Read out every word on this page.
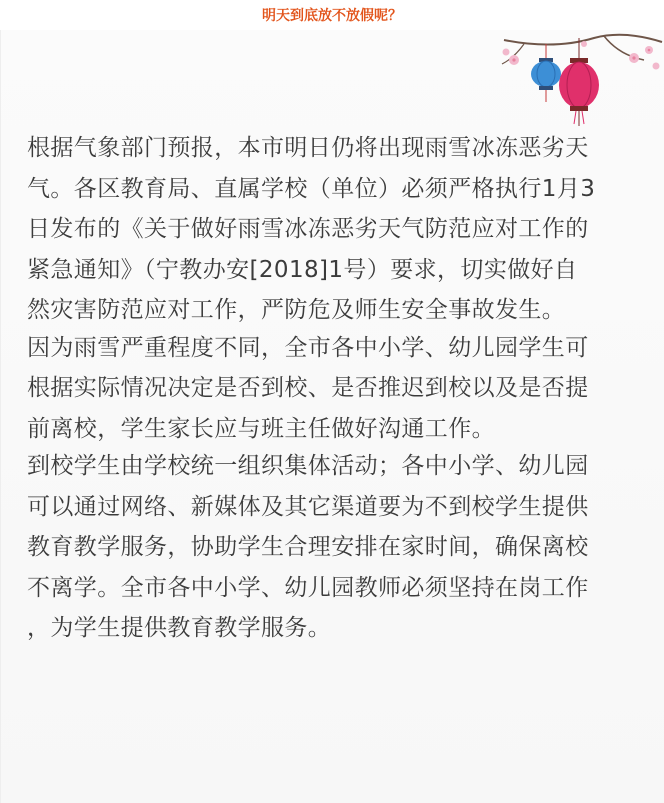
明天到底放不放假呢？
根据气象部门预报，本市明日仍将出现雨雪冰冻恶劣天
气。各区教育局、直属学校（单位）必须严格执行1月3
日发布的《关于做好雨雪冰冻恶劣天气防范应对工作的
紧急通知》（宁教办安[2018]1号）要求，切实做好自
然灾害防范应对工作，严防危及师生安全事故发生。
因为雨雪严重程度不同，全市各中小学、幼儿园学生可
根据实际情况决定是否到校、是否推迟到校以及是否提
前离校，学生家长应与班主任做好沟通工作。
到校学生由学校统一组织集体活动；各中小学、幼儿园
可以通过网络、新媒体及其它渠道要为不到校学生提供
教育教学服务，协助学生合理安排在家时间，确保离校
不离学。全市各中小学、幼儿园教师必须坚持在岗工作
，为学生提供教育教学服务。
